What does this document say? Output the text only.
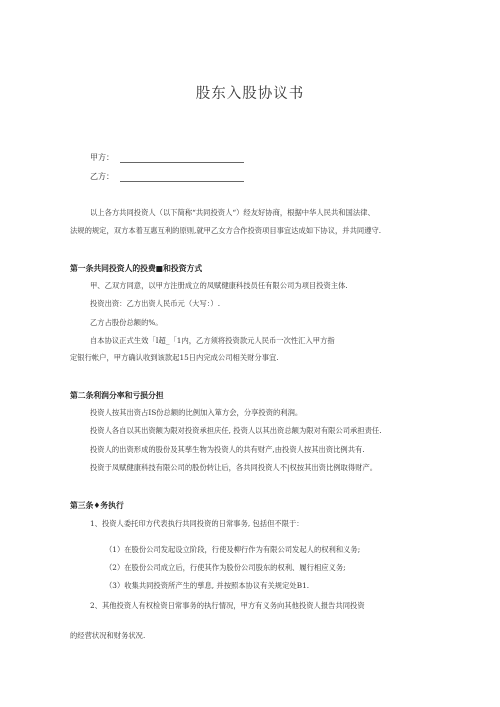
股东入股协议书
甲方：
乙方：
以上各方共同投资人（以下简称“共同投资人“）经友好协商，根据中华人民共和国法律、
法规的规定，双方本着互惠互利的原则,就甲乙女方合作投资项目事宜达成如下协议，并共同遵守.
第一条共同投资人的投费■和投资方式
甲、乙双方同意，以甲方注册成立的凤赋健康科技员任有限公司为项目投资主体.
投资出资：乙方出资人民币元（大写：）.
乙方占股份总额的%。
自本协议正式生效「I超_「1内，乙方须将投资款元人民币一次性汇入甲方指
定银行帐户，甲方确认收到该款起15日内完成公司相关财分事宜.
第二条利润分率和亏损分担
投资人按其出资占IS份总额的比例加入箪方会，分享投资的利润。
投资人各自以其出资额为限对投资承担庆任, 投资人以其出资总额为限对有限公司承担责任.
投资人的出资形成的股份及其孳生物为投资人的共有财产,由投资人按其出资比例共有.
投资于凤赋健康科技有限公司的股份转让后，各共同投资人不|权按其出资比例取得财产。
第三条♦务执行
1、投资人委托印方代表执行共同投资的日常事务, 包括但不限于：
（1）在股份公司发起设立阶段，行使及柳行作为有限公司发起人的权利和义务;
（2）在股份公司成立后，行使其作为股份公司股东的权利、履行相应义务;
（3）收集共同投资所产生的孳息, 并按照本协议有关规定处B1.
2、其他投资人有权检资日常事务的执行情况，甲方有义务向其他投资人报告共同投资
的经营状况和财务状况.
